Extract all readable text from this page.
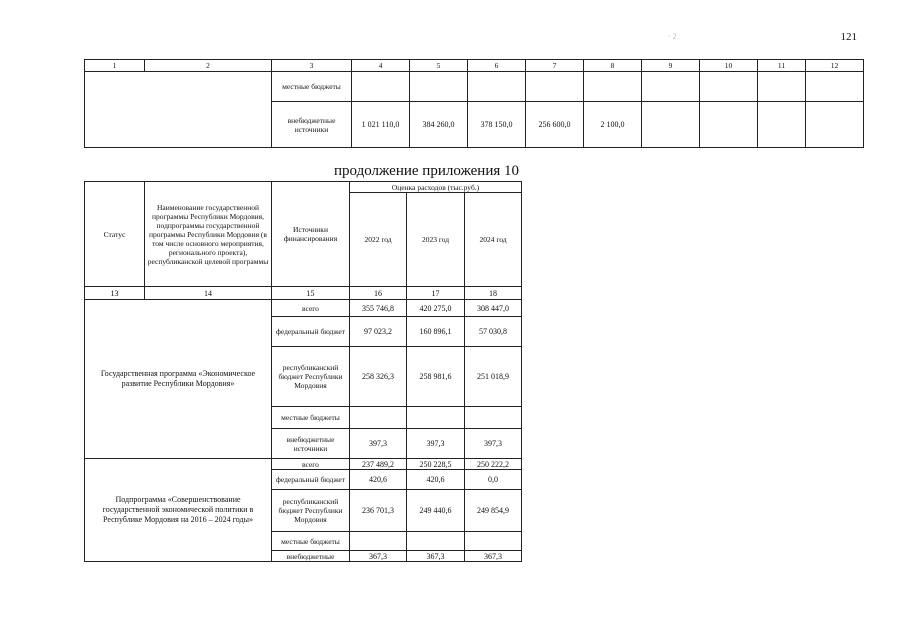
121
· 2
1	2	3	4	5	6	7	8	9	10	11	12
		местные бюджеты									
		внебюджетные источники	1 021 110,0	384 260,0	378 150,0	256 600,0	2 100,0				
продолжение приложения 10
Статус	Наименование государственной программы Республики Мордовия, подпрограммы государственной программы Республики Мордовия (в том числе основного мероприятия, регионального проекта), республиканской целевой программы	Источники финансирования	Оценка расходов (тыс.руб.)		
			2022 год	2023 год	2024 год
13	14	15	16	17	18
Государственная программа «Экономическое развитие Республики Мордовия»		всего	355 746,8	420 275,0	308 447,0
		федеральный бюджет	97 023,2	160 896,1	57 030,8
		республиканский бюджет Республики Мордовия	258 326,3	258 981,6	251 018,9
		местные бюджеты			
		внебюджетные источники	397,3	397,3	397,3
Подпрограмма «Совершенствование государственной экономической политики в Республике Мордовия на 2016 – 2024 годы»		всего	237 489,2	250 228,5	250 222,2
		федеральный бюджет	420,6	420,6	0,0
		республиканский бюджет Республики Мордовия	236 701,3	249 440,6	249 854,9
		местные бюджеты			
		внебюджетные	367,3	367,3	367,3
